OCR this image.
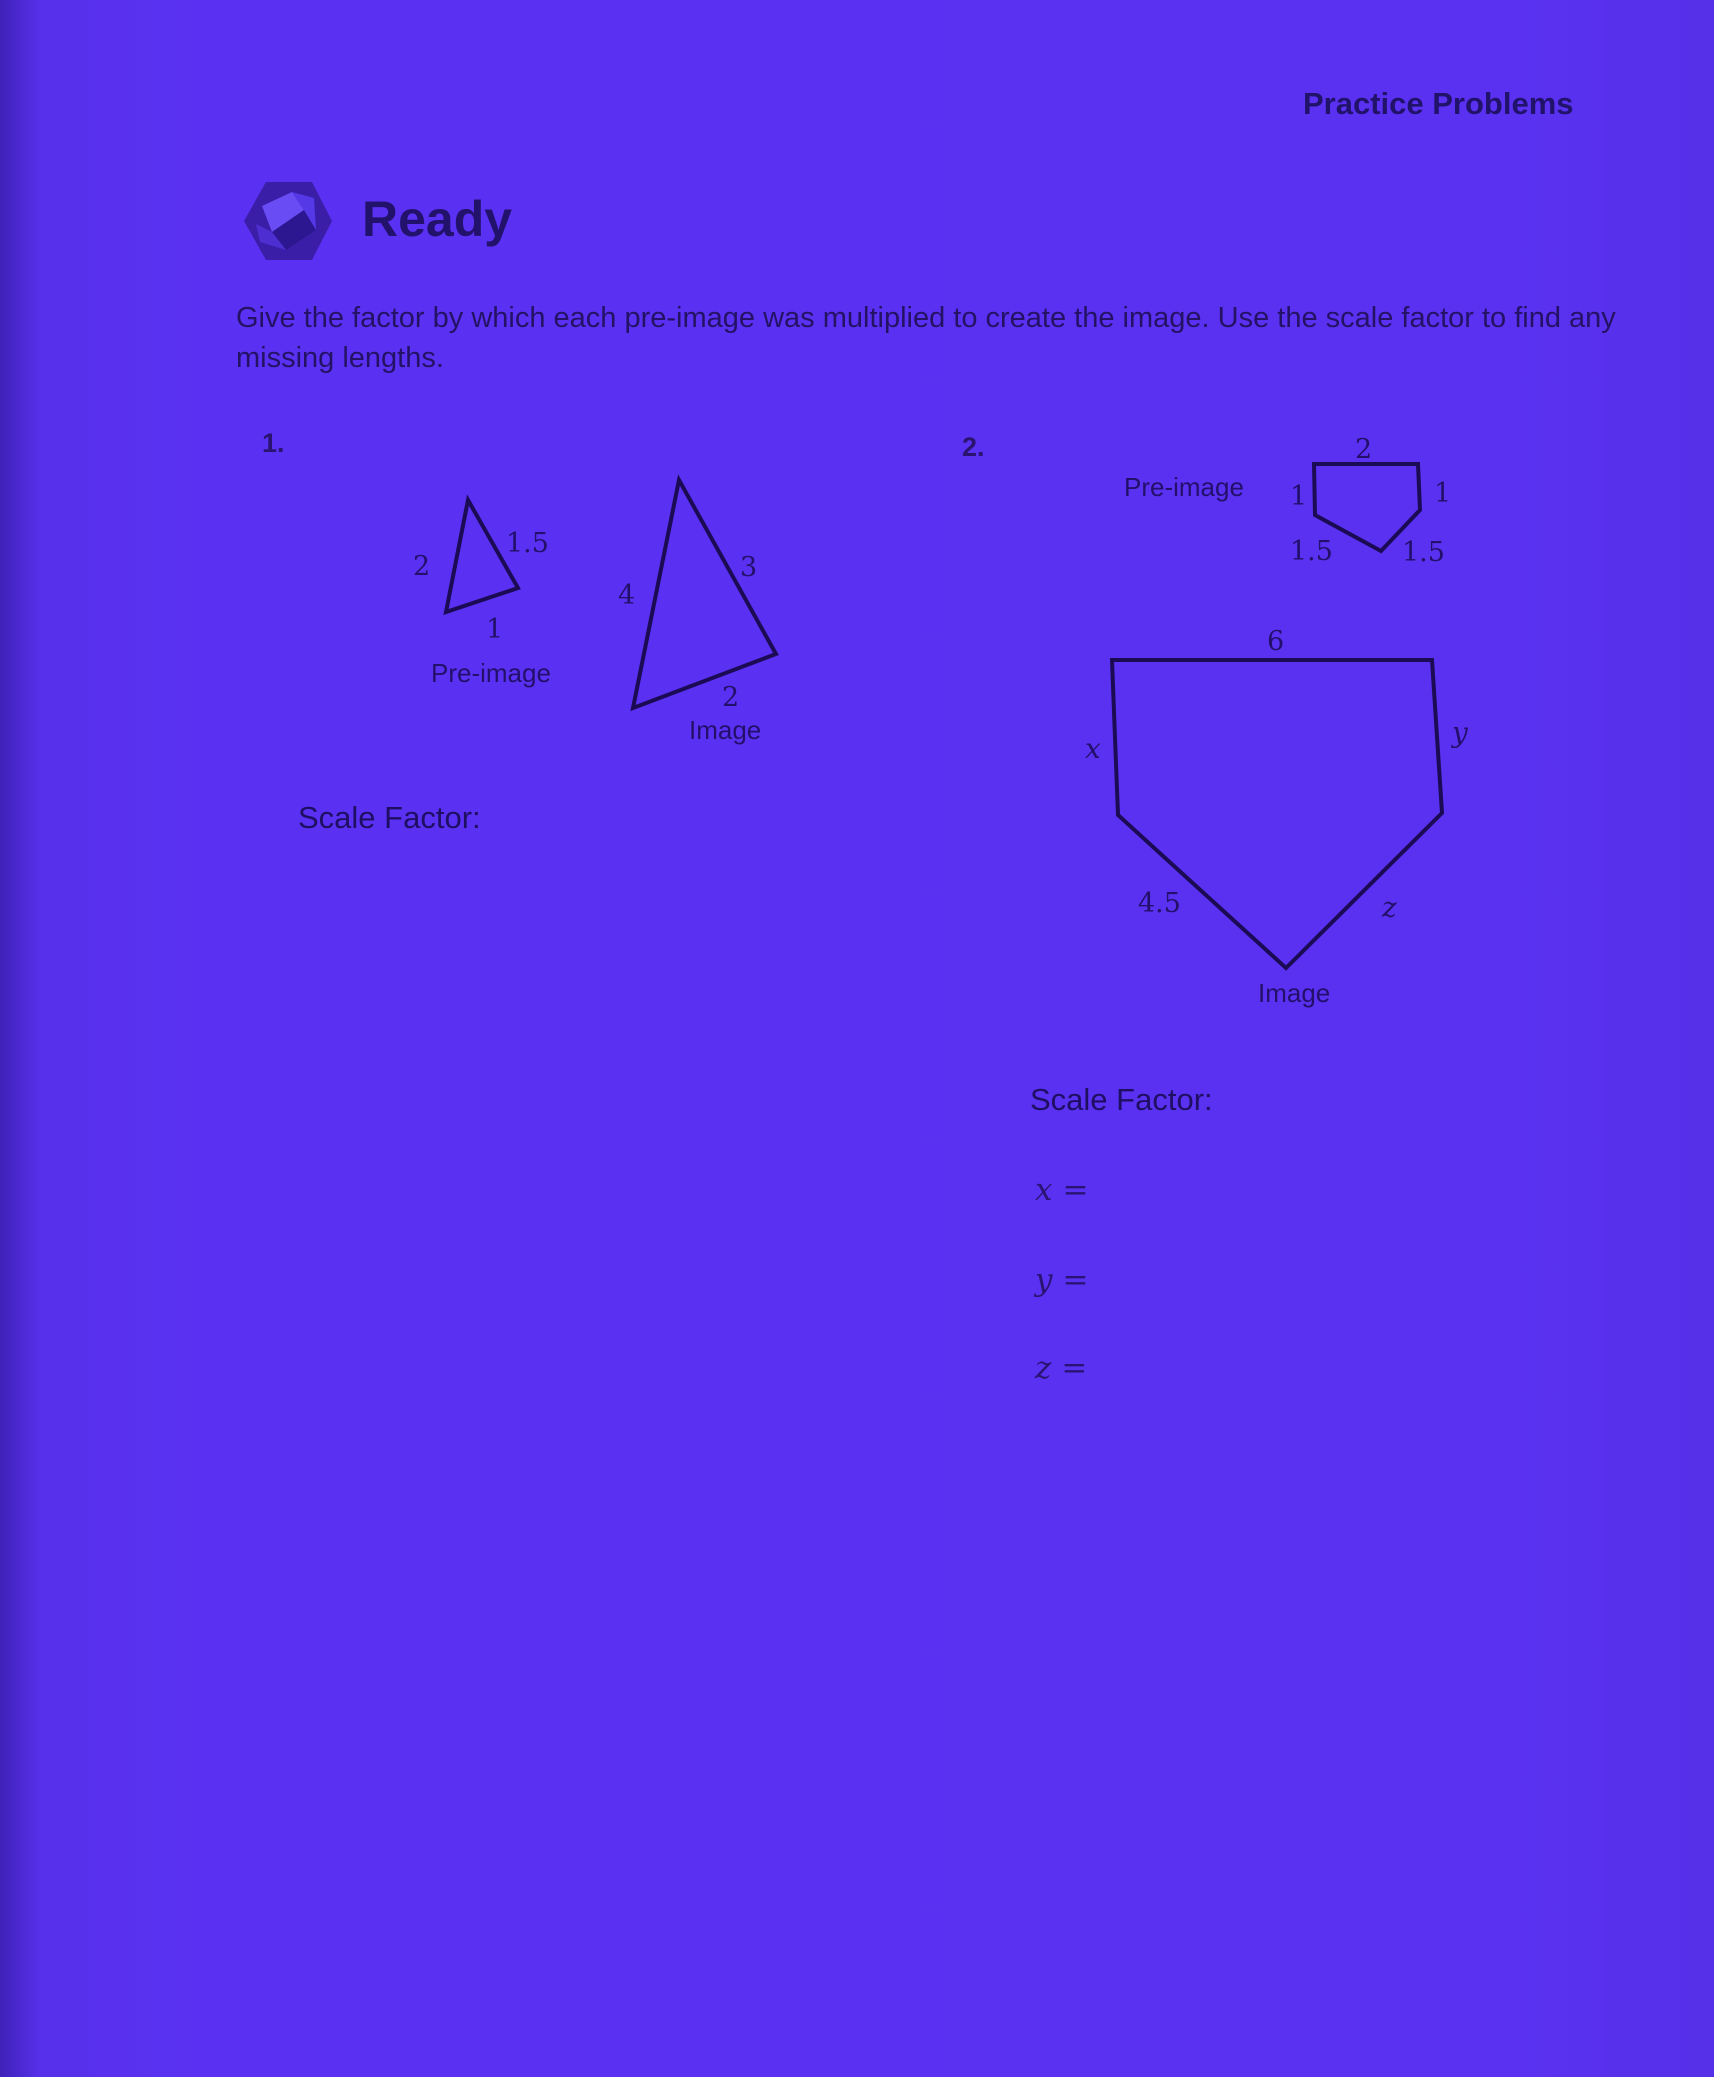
Practice Problems
Ready
Give the factor by which each pre-image was multiplied to create the image. Use the scale factor to find any missing lengths.
1.	2.
2
1.5
1
Pre-image
4
3
2
Image
Pre-image
2
1	1
1.5	1.5
6
x	y
4.5	z
Image
Scale Factor:
Scale Factor:
x =
y =
z =
